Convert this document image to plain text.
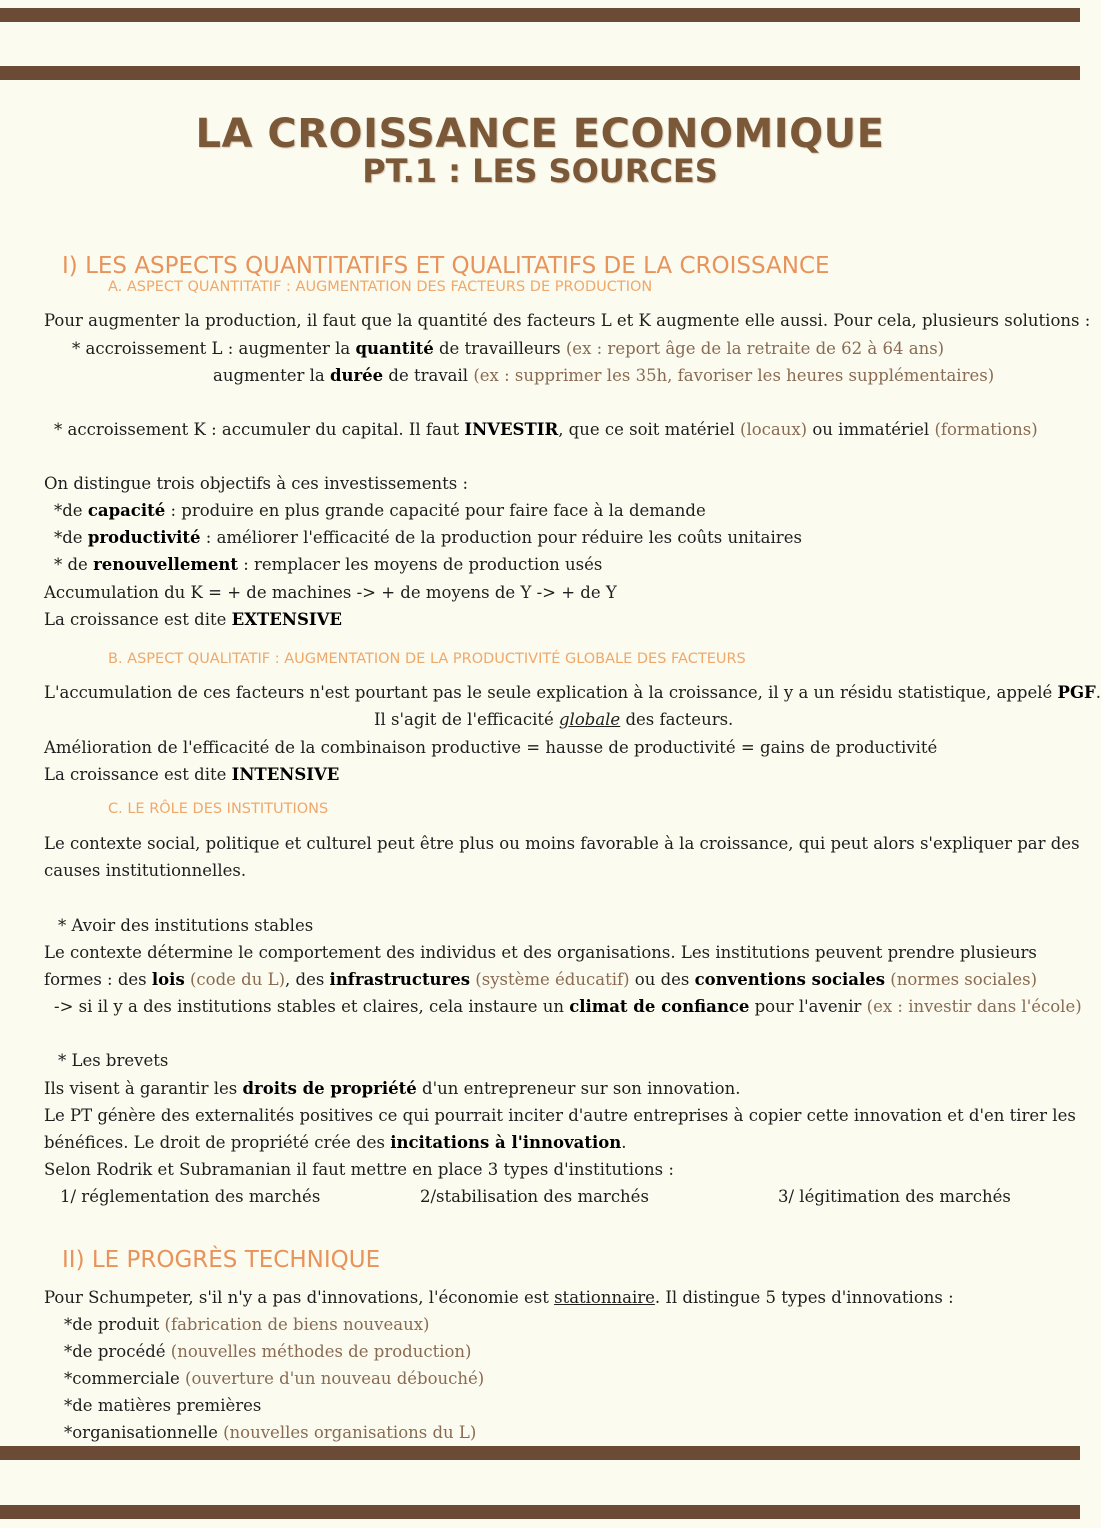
LA CROISSANCE ECONOMIQUE
PT.1 : LES SOURCES
I) LES ASPECTS QUANTITATIFS ET QUALITATIFS DE LA CROISSANCE
A. ASPECT QUANTITATIF : AUGMENTATION DES FACTEURS DE PRODUCTION
Pour augmenter la production, il faut que la quantité des facteurs L et K augmente elle aussi. Pour cela, plusieurs solutions :
* accroissement L : augmenter la quantité de travailleurs (ex : report âge de la retraite de 62 à 64 ans)
augmenter la durée de travail (ex : supprimer les 35h, favoriser les heures supplémentaires)
* accroissement K : accumuler du capital. Il faut INVESTIR, que ce soit matériel (locaux) ou immatériel (formations)
On distingue trois objectifs à ces investissements :
*de capacité : produire en plus grande capacité pour faire face à la demande
*de productivité : améliorer l'efficacité de la production pour réduire les coûts unitaires
* de renouvellement : remplacer les moyens de production usés
Accumulation du K = + de machines -> + de moyens de Y -> + de Y
La croissance est dite EXTENSIVE
B. ASPECT QUALITATIF : AUGMENTATION DE LA PRODUCTIVITÉ GLOBALE DES FACTEURS
L'accumulation de ces facteurs n'est pourtant pas le seule explication à la croissance, il y a un résidu statistique, appelé PGF.
Il s'agit de l'efficacité globale des facteurs.
Amélioration de l'efficacité de la combinaison productive = hausse de productivité = gains de productivité
La croissance est dite INTENSIVE
C. LE RÔLE DES INSTITUTIONS
Le contexte social, politique et culturel peut être plus ou moins favorable à la croissance, qui peut alors s'expliquer par des
causes institutionnelles.
* Avoir des institutions stables
Le contexte détermine le comportement des individus et des organisations. Les institutions peuvent prendre plusieurs
formes : des lois (code du L), des infrastructures (système éducatif) ou des conventions sociales (normes sociales)
-> si il y a des institutions stables et claires, cela instaure un climat de confiance pour l'avenir (ex : investir dans l'école)
* Les brevets
Ils visent à garantir les droits de propriété d'un entrepreneur sur son innovation.
Le PT génère des externalités positives ce qui pourrait inciter d'autre entreprises à copier cette innovation et d'en tirer les
bénéfices. Le droit de propriété crée des incitations à l'innovation.
Selon Rodrik et Subramanian il faut mettre en place 3 types d'institutions :
1/ réglementation des marchés	2/stabilisation des marchés	3/ légitimation des marchés
II) LE PROGRÈS TECHNIQUE
Pour Schumpeter, s'il n'y a pas d'innovations, l'économie est stationnaire. Il distingue 5 types d'innovations :
*de produit (fabrication de biens nouveaux)
*de procédé (nouvelles méthodes de production)
*commerciale (ouverture d'un nouveau débouché)
*de matières premières
*organisationnelle (nouvelles organisations du L)
